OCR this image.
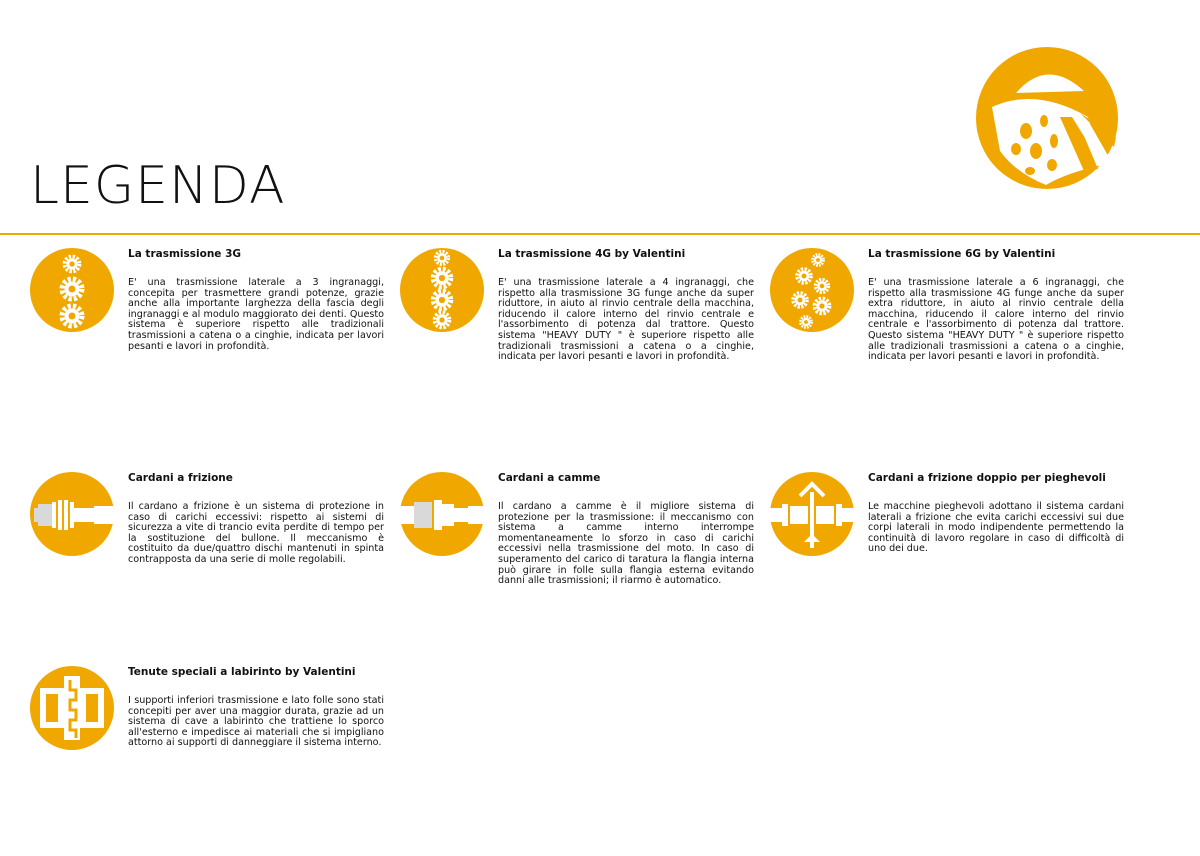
LEGENDA
La trasmissione 3G

E' una trasmissione laterale a 3 ingranaggi, concepita per trasmettere grandi potenze, grazie anche alla importante larghezza della fascia degli ingranaggi e al modulo maggiorato dei denti. Questo sistema è superiore rispetto alle tradizionali trasmissioni a catena o a cinghie, indicata per lavori pesanti e lavori in profondità.

La trasmissione 4G by Valentini

E' una trasmissione laterale a 4 ingranaggi, che rispetto alla trasmissione 3G funge anche da super riduttore, in aiuto al rinvio centrale della macchina, riducendo il calore interno del rinvio centrale e l'assorbimento di potenza dal trattore. Questo sistema "HEAVY DUTY " è superiore rispetto alle tradizionali trasmissioni a catena o a cinghie, indicata per lavori pesanti e lavori in profondità.

La trasmissione 6G by Valentini

E' una trasmissione laterale a 6 ingranaggi, che rispetto alla trasmissione 4G funge anche da super extra riduttore, in aiuto al rinvio centrale della macchina, riducendo il calore interno del rinvio centrale e l'assorbimento di potenza dal trattore. Questo sistema "HEAVY DUTY " è superiore rispetto alle tradizionali trasmissioni a catena o a cinghie, indicata per lavori pesanti e lavori in profondità.

Cardani a frizione

Il cardano a frizione è un sistema di protezione in caso di carichi eccessivi: rispetto ai sistemi di sicurezza a vite di trancio evita perdite di tempo per la sostituzione del bullone. Il meccanismo è costituito da due/quattro dischi mantenuti in spinta contrapposta da una serie di molle regolabili.

Cardani a camme

Il cardano a camme è il migliore sistema di protezione per la trasmissione: il meccanismo con sistema a camme interno interrompe momentaneamente lo sforzo in caso di carichi eccessivi nella trasmissione del moto. In caso di superamento del carico di taratura la flangia interna può girare in folle sulla flangia esterna evitando danni alle trasmissioni; il riarmo è automatico.

Cardani a frizione doppio per pieghevoli

Le macchine pieghevoli adottano il sistema cardani laterali a frizione che evita carichi eccessivi sui due corpi laterali in modo indipendente permettendo la continuità di lavoro regolare in caso di difficoltà di uno dei due.

Tenute speciali a labirinto by Valentini

I supporti inferiori trasmissione e lato folle sono stati concepiti per aver una maggior durata, grazie ad un sistema di cave a labirinto che trattiene lo sporco all'esterno e impedisce ai materiali che si impigliano attorno ai supporti di danneggiare il sistema interno.
